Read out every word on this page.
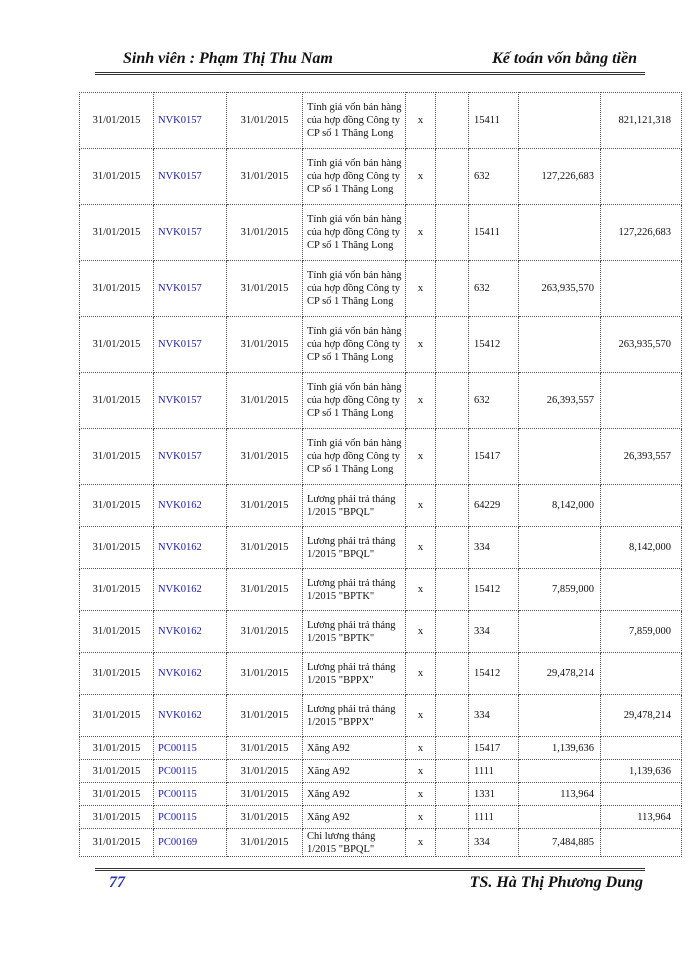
Sinh viên : Phạm Thị Thu Nam	Kế toán vốn bằng tiền
31/01/2015	NVK0157	31/01/2015	Tính giá vốn bán hàng của hợp đồng Công ty CP số 1 Thăng Long	x		15411		821,121,318
31/01/2015	NVK0157	31/01/2015	Tính giá vốn bán hàng của hợp đồng Công ty CP số 1 Thăng Long	x		632	127,226,683	
31/01/2015	NVK0157	31/01/2015	Tính giá vốn bán hàng của hợp đồng Công ty CP số 1 Thăng Long	x		15411		127,226,683
31/01/2015	NVK0157	31/01/2015	Tính giá vốn bán hàng của hợp đồng Công ty CP số 1 Thăng Long	x		632	263,935,570	
31/01/2015	NVK0157	31/01/2015	Tính giá vốn bán hàng của hợp đồng Công ty CP số 1 Thăng Long	x		15412		263,935,570
31/01/2015	NVK0157	31/01/2015	Tính giá vốn bán hàng của hợp đồng Công ty CP số 1 Thăng Long	x		632	26,393,557	
31/01/2015	NVK0157	31/01/2015	Tính giá vốn bán hàng của hợp đồng Công ty CP số 1 Thăng Long	x		15417		26,393,557
31/01/2015	NVK0162	31/01/2015	Lương phải trả tháng 1/2015 "BPQL"	x		64229	8,142,000	
31/01/2015	NVK0162	31/01/2015	Lương phải trả tháng 1/2015 "BPQL"	x		334		8,142,000
31/01/2015	NVK0162	31/01/2015	Lương phải trả tháng 1/2015 "BPTK"	x		15412	7,859,000	
31/01/2015	NVK0162	31/01/2015	Lương phải trả tháng 1/2015 "BPTK"	x		334		7,859,000
31/01/2015	NVK0162	31/01/2015	Lương phải trả tháng 1/2015 "BPPX"	x		15412	29,478,214	
31/01/2015	NVK0162	31/01/2015	Lương phải trả tháng 1/2015 "BPPX"	x		334		29,478,214
31/01/2015	PC00115	31/01/2015	Xăng A92	x		15417	1,139,636	
31/01/2015	PC00115	31/01/2015	Xăng A92	x		1111		1,139,636
31/01/2015	PC00115	31/01/2015	Xăng A92	x		1331	113,964	
31/01/2015	PC00115	31/01/2015	Xăng A92	x		1111		113,964
31/01/2015	PC00169	31/01/2015	Chi lương tháng 1/2015 "BPQL"	x		334	7,484,885	
77	TS. Hà Thị Phương Dung
